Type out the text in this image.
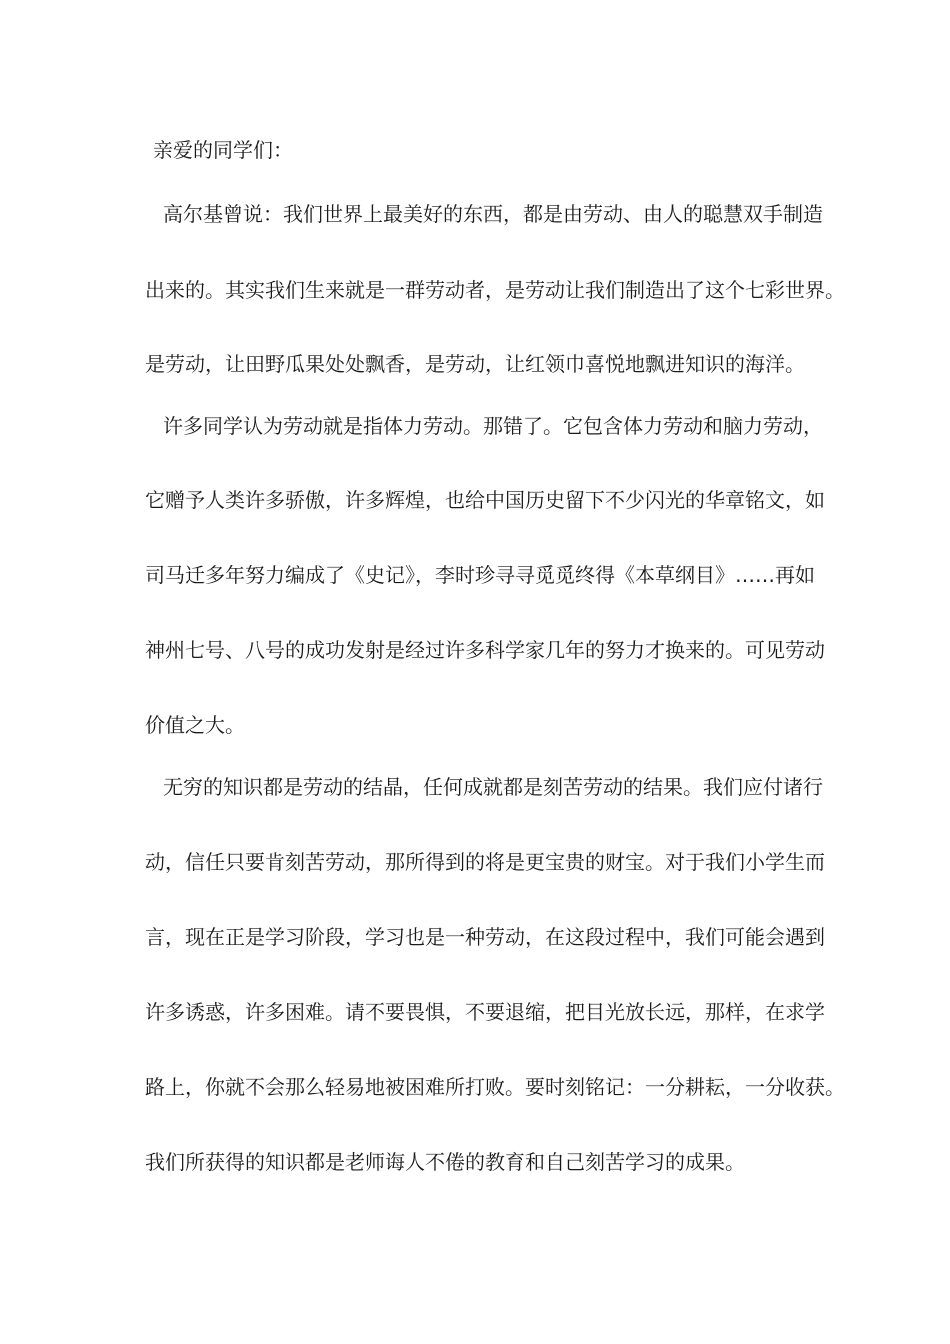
亲爱的同学们：

高尔基曾说：我们世界上最美好的东西，都是由劳动、由人的聪慧双手制造

出来的。其实我们生来就是一群劳动者，是劳动让我们制造出了这个七彩世界。

是劳动，让田野瓜果处处飘香，是劳动，让红领巾喜悦地飘进知识的海洋。

许多同学认为劳动就是指体力劳动。那错了。它包含体力劳动和脑力劳动，

它赠予人类许多骄傲，许多辉煌，也给中国历史留下不少闪光的华章铭文，如

司马迁多年努力编成了《史记》，李时珍寻寻觅觅终得《本草纲目》……再如

神州七号、八号的成功发射是经过许多科学家几年的努力才换来的。可见劳动

价值之大。

无穷的知识都是劳动的结晶，任何成就都是刻苦劳动的结果。我们应付诸行

动，信任只要肯刻苦劳动，那所得到的将是更宝贵的财宝。对于我们小学生而

言，现在正是学习阶段，学习也是一种劳动，在这段过程中，我们可能会遇到

许多诱惑，许多困难。请不要畏惧，不要退缩，把目光放长远，那样，在求学

路上，你就不会那么轻易地被困难所打败。要时刻铭记：一分耕耘，一分收获。

我们所获得的知识都是老师诲人不倦的教育和自己刻苦学习的成果。
